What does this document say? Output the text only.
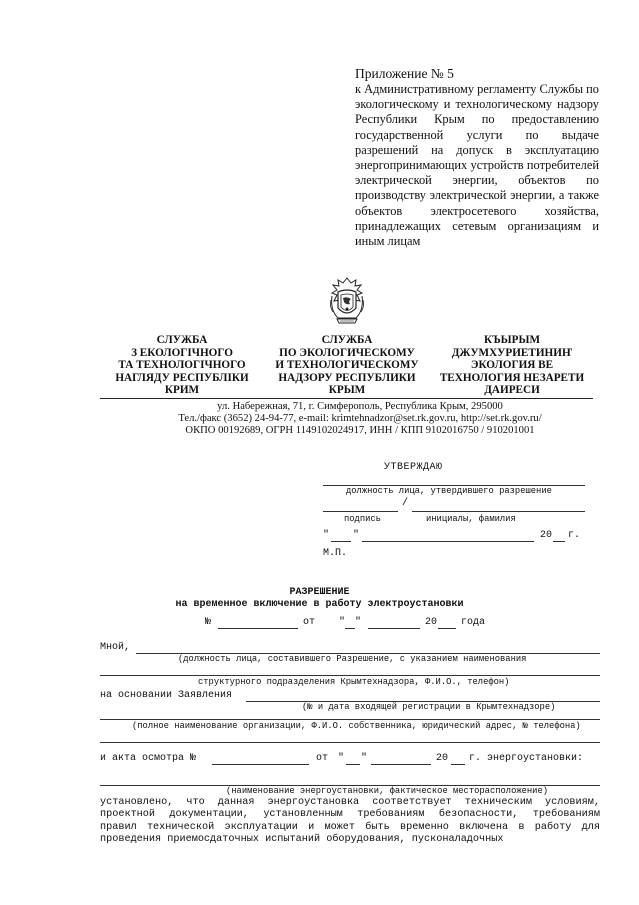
Приложение № 5
к Административному регламенту Службы по экологическому и технологическому надзору Республики Крым по предоставлению государственной услуги по выдаче разрешений на допуск в эксплуатацию энергопринимающих устройств потребителей электрической энергии, объектов по производству электрической энергии, а также объектов электросетевого хозяйства, принадлежащих сетевым организациям и иным лицам
СЛУЖБА
З ЕКОЛОГІЧНОГО
ТА ТЕХНОЛОГІЧНОГО
НАГЛЯДУ РЕСПУБЛІКИ
КРИМ
СЛУЖБА
ПО ЭКОЛОГИЧЕСКОМУ
И ТЕХНОЛОГИЧЕСКОМУ
НАДЗОРУ РЕСПУБЛИКИ
КРЫМ
КЪЫРЫМ
ДЖУМХУРИЕТИНИҤ
ЭКОЛОГИЯ ВЕ
ТЕХНОЛОГИЯ НЕЗАРЕТИ
ДАИРЕСИ
ул. Набережная, 71, г. Симферополь, Республика Крым, 295000
Тел./факс (3652) 24-94-77, e-mail: krimtehnadzor@set.rk.gov.ru, http://set.rk.gov.ru/
ОКПО 00192689, ОГРН 1149102024917, ИНН / КПП 9102016750 / 910201001
УТВЕРЖДАЮ
должность лица, утвердившего разрешение
/
подпись	инициалы, фамилия
" "	20 г.
М.П.
РАЗРЕШЕНИЕ
на временное включение в работу электроустановки
№	от " "	20 года
Мной,
(должность лица, составившего Разрешение, с указанием наименования
структурного подразделения Крымтехнадзора, Ф.И.О., телефон)
на основании Заявления
(№ и дата входящей регистрации в Крымтехнадзоре)
(полное наименование организации, Ф.И.О. собственника, юридический адрес, № телефона)
и акта осмотра №	от " "	20 г. энергоустановки:
(наименование энергоустановки, фактическое месторасположение)
установлено, что данная энергоустановка соответствует техническим условиям, проектной документации, установленным требованиям безопасности, требованиям правил технической эксплуатации и может быть временно включена в работу для проведения приемосдаточных испытаний оборудования, пусконаладочных
